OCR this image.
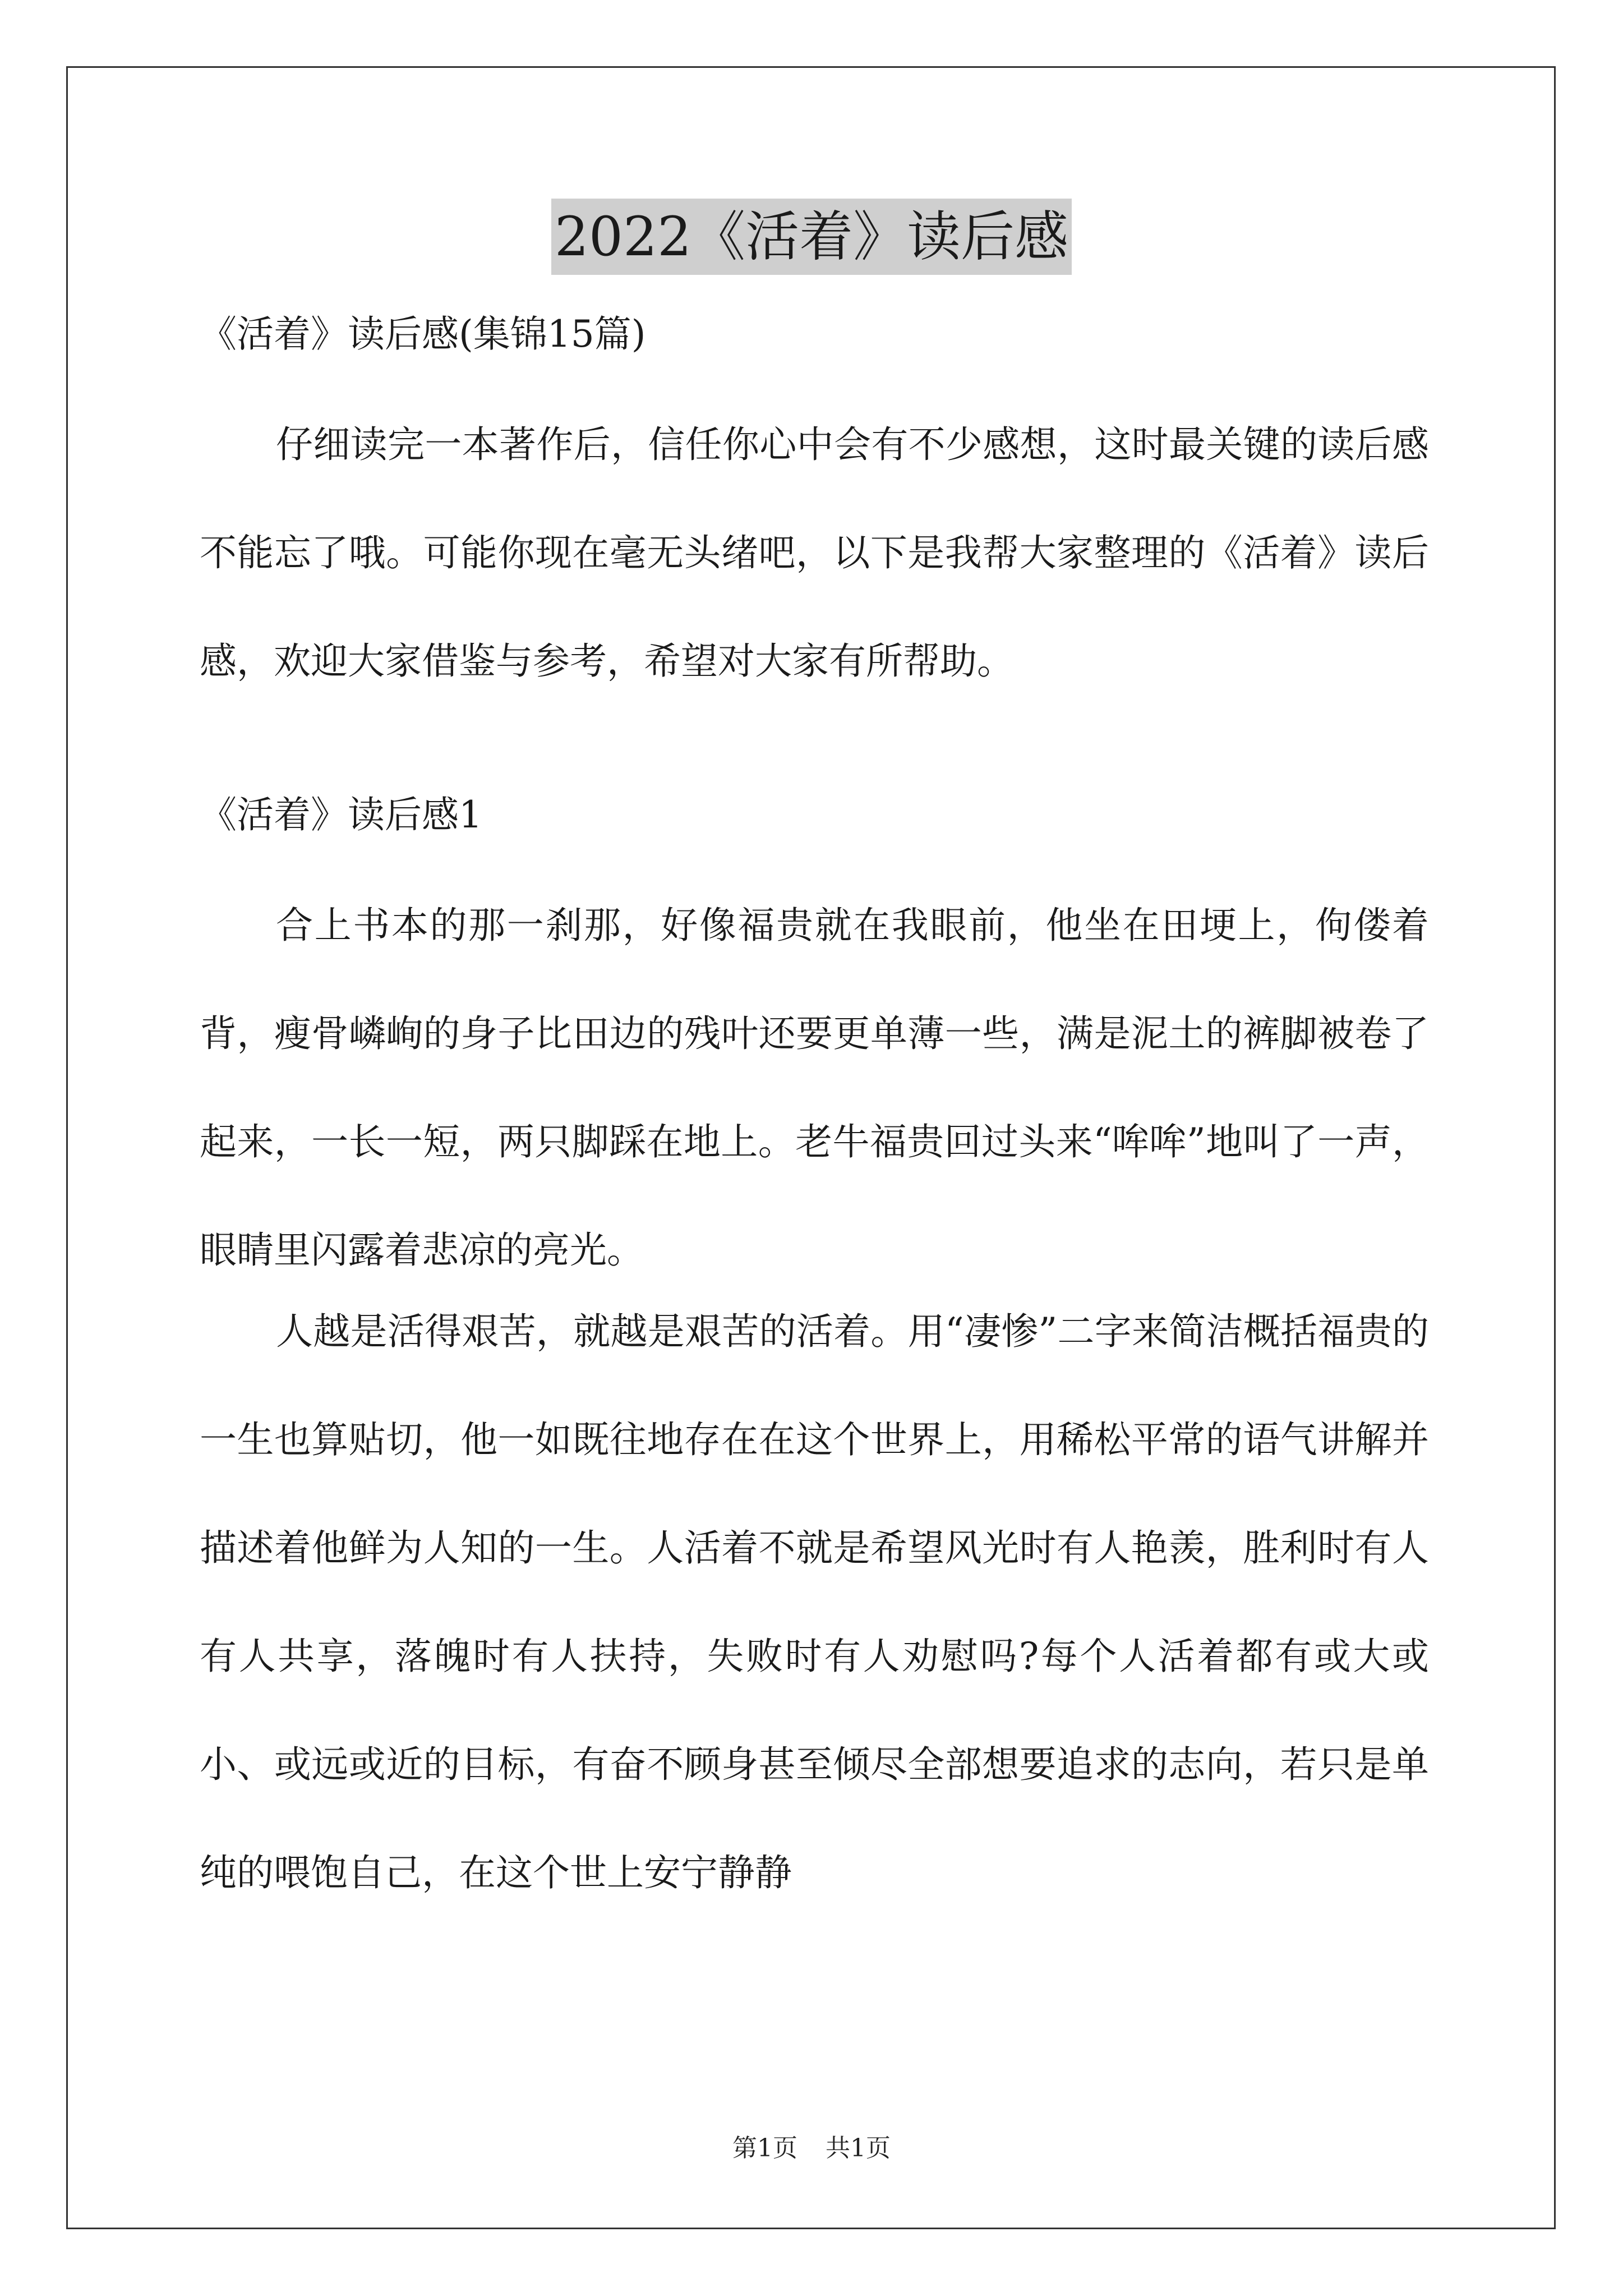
2022《活着》读后感

《活着》读后感(集锦15篇)

仔细读完一本著作后，信任你心中会有不少感想，这时最关键的读后感不能忘了哦。可能你现在毫无头绪吧，以下是我帮大家整理的《活着》读后感，欢迎大家借鉴与参考，希望对大家有所帮助。

《活着》读后感1

合上书本的那一刹那，好像福贵就在我眼前，他坐在田埂上，佝偻着背，瘦骨嶙峋的身子比田边的残叶还要更单薄一些，满是泥土的裤脚被卷了起来，一长一短，两只脚踩在地上。老牛福贵回过头来“哞哞”地叫了一声，眼睛里闪露着悲凉的亮光。

人越是活得艰苦，就越是艰苦的活着。用“凄惨”二字来简洁概括福贵的一生也算贴切，他一如既往地存在在这个世界上，用稀松平常的语气讲解并描述着他鲜为人知的一生。人活着不就是希望风光时有人艳羡，胜利时有人有人共享，落魄时有人扶持，失败时有人劝慰吗?每个人活着都有或大或小、或远或近的目标，有奋不顾身甚至倾尽全部想要追求的志向，若只是单纯的喂饱自己，在这个世上安宁静静

第1页 共1页
